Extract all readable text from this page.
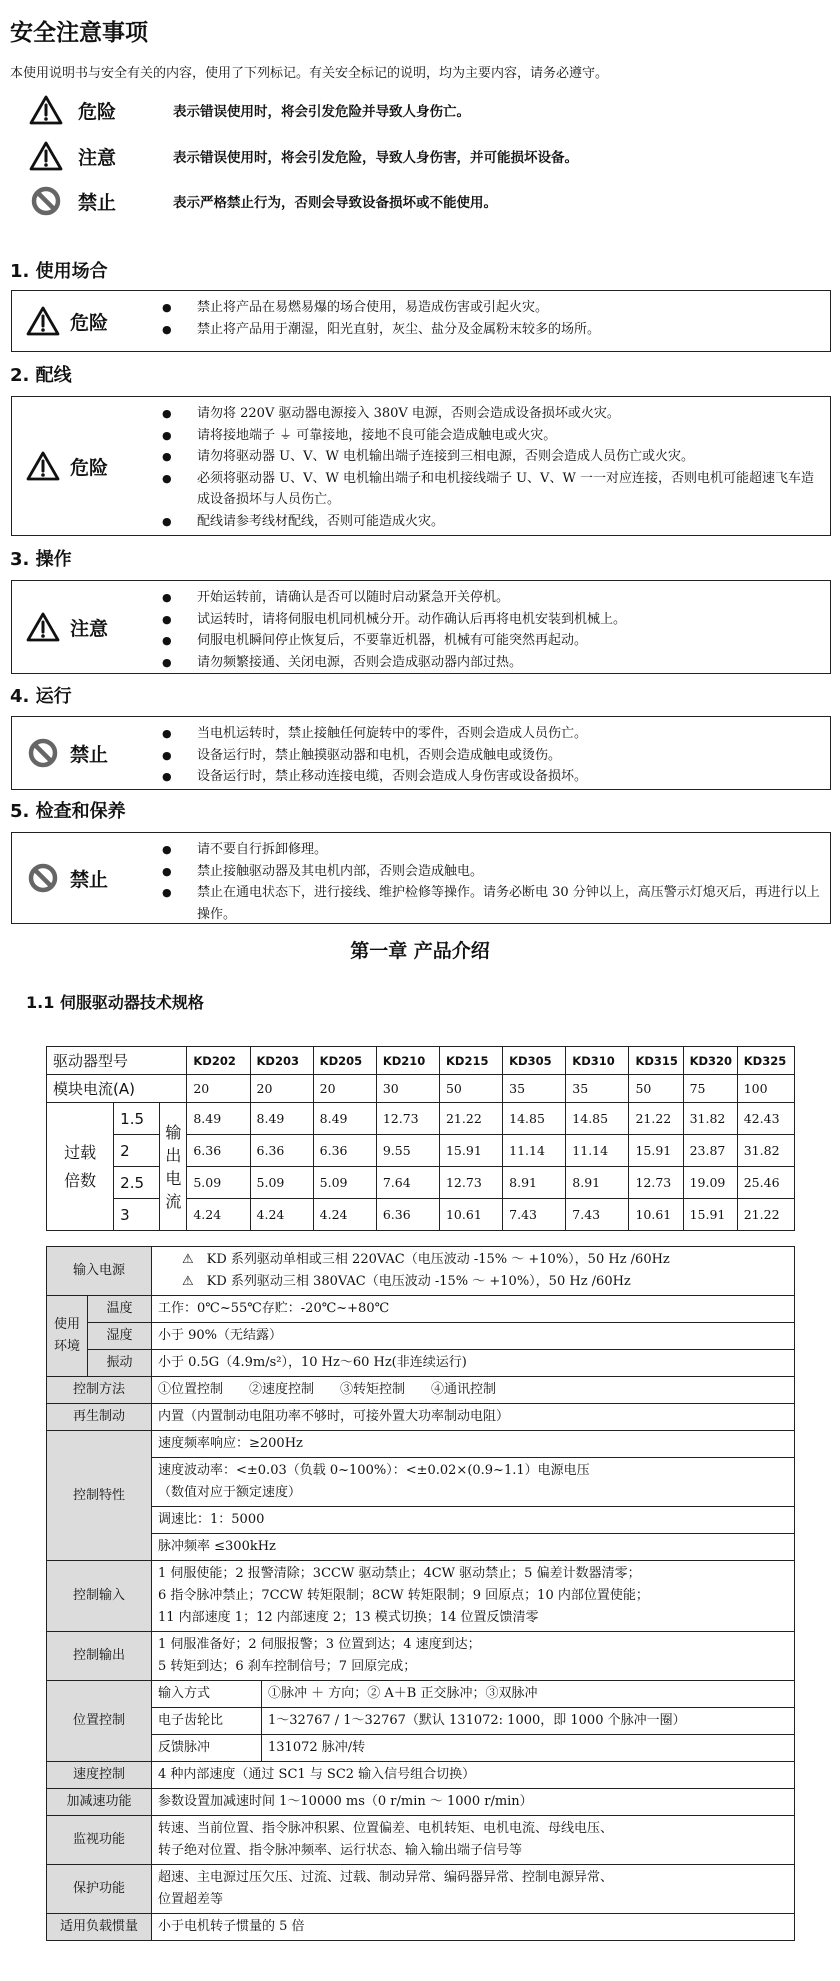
安全注意事项
本使用说明书与安全有关的内容，使用了下列标记。有关安全标记的说明，均为主要内容，请务必遵守。
危险	表示错误使用时，将会引发危险并导致人身伤亡。
注意	表示错误使用时，将会引发危险，导致人身伤害，并可能损坏设备。
禁止	表示严格禁止行为，否则会导致设备损坏或不能使用。
1. 使用场合
危险
● 禁止将产品在易燃易爆的场合使用，易造成伤害或引起火灾。
● 禁止将产品用于潮湿，阳光直射，灰尘、盐分及金属粉末较多的场所。
2. 配线
危险
● 请勿将 220V 驱动器电源接入 380V 电源，否则会造成设备损坏或火灾。
● 请将接地端子 ⏚ 可靠接地，接地不良可能会造成触电或火灾。
● 请勿将驱动器 U、V、W 电机输出端子连接到三相电源，否则会造成人员伤亡或火灾。
● 必须将驱动器 U、V、W 电机输出端子和电机接线端子 U、V、W 一一对应连接，否则电机可能超速飞车造成设备损坏与人员伤亡。
● 配线请参考线材配线，否则可能造成火灾。
3. 操作
注意
● 开始运转前，请确认是否可以随时启动紧急开关停机。
● 试运转时，请将伺服电机同机械分开。动作确认后再将电机安装到机械上。
● 伺服电机瞬间停止恢复后，不要靠近机器，机械有可能突然再起动。
● 请勿频繁接通、关闭电源，否则会造成驱动器内部过热。
4. 运行
禁止
● 当电机运转时，禁止接触任何旋转中的零件，否则会造成人员伤亡。
● 设备运行时，禁止触摸驱动器和电机，否则会造成触电或烫伤。
● 设备运行时，禁止移动连接电缆，否则会造成人身伤害或设备损坏。
5. 检查和保养
禁止
● 请不要自行拆卸修理。
● 禁止接触驱动器及其电机内部，否则会造成触电。
● 禁止在通电状态下，进行接线、维护检修等操作。请务必断电 30 分钟以上，高压警示灯熄灭后，再进行以上操作。
第一章 产品介绍
1.1 伺服驱动器技术规格
驱动器型号			KD202	KD203	KD205	KD210	KD215	KD305	KD310	KD315	KD320	KD325
模块电流(A)			20	20	20	30	50	35	35	50	75	100
过载倍数	1.5	输出电流	8.49	8.49	8.49	12.73	21.22	14.85	14.85	21.22	31.82	42.43
	2		6.36	6.36	6.36	9.55	15.91	11.14	11.14	15.91	23.87	31.82
	2.5		5.09	5.09	5.09	7.64	12.73	8.91	8.91	12.73	19.09	25.46
	3		4.24	4.24	4.24	6.36	10.61	7.43	7.43	10.61	15.91	21.22
输入电源		⚠　KD 系列驱动单相或三相 220VAC（电压波动 -15% ～ +10%），50 Hz /60Hz
⚠　KD 系列驱动三相 380VAC（电压波动 -15% ～ +10%），50 Hz /60Hz	

使用环境	温度	工作：0℃~55℃存贮：-20℃~+80℃	
	湿度	小于 90%（无结露）	
	振动	小于 0.5G（4.9m/s²），10 Hz～60 Hz(非连续运行)	
控制方法		①位置控制　　②速度控制　　③转矩控制　　④通讯控制	
再生制动		内置（内置制动电阻功率不够时，可接外置大功率制动电阻）	
控制特性		速度频率响应：≥200Hz
速度波动率：<±0.03（负载 0~100%）：<±0.02×(0.9~1.1）电源电压
（数值对应于额定速度）
调速比：1：5000
脉冲频率 ≤300kHz	

控制输入		1 伺服使能；2 报警清除；3CCW 驱动禁止；4CW 驱动禁止；5 偏差计数器清零；
6 指令脉冲禁止；7CCW 转矩限制；8CW 转矩限制；9 回原点；10 内部位置使能；
11 内部速度 1；12 内部速度 2；13 模式切换；14 位置反馈清零	

控制输出		1 伺服准备好；2 伺服报警；3 位置到达；4 速度到达；
5 转矩到达；6 刹车控制信号；7 回原完成；	

位置控制		输入方式	①脉冲 ＋ 方向；② A＋B 正交脉冲；③双脉冲
		电子齿轮比	1～32767 / 1～32767（默认 131072: 1000，即 1000 个脉冲一圈）
		反馈脉冲	131072 脉冲/转
速度控制		4 种内部速度（通过 SC1 与 SC2 输入信号组合切换）	
加减速功能		参数设置加减速时间 1～10000 ms（0 r/min ～ 1000 r/min）	
监视功能		转速、当前位置、指令脉冲积累、位置偏差、电机转矩、电机电流、母线电压、
转子绝对位置、指令脉冲频率、运行状态、输入输出端子信号等	

保护功能		超速、主电源过压欠压、过流、过载、制动异常、编码器异常、控制电源异常、
位置超差等	

适用负载惯量		小于电机转子惯量的 5 倍	
